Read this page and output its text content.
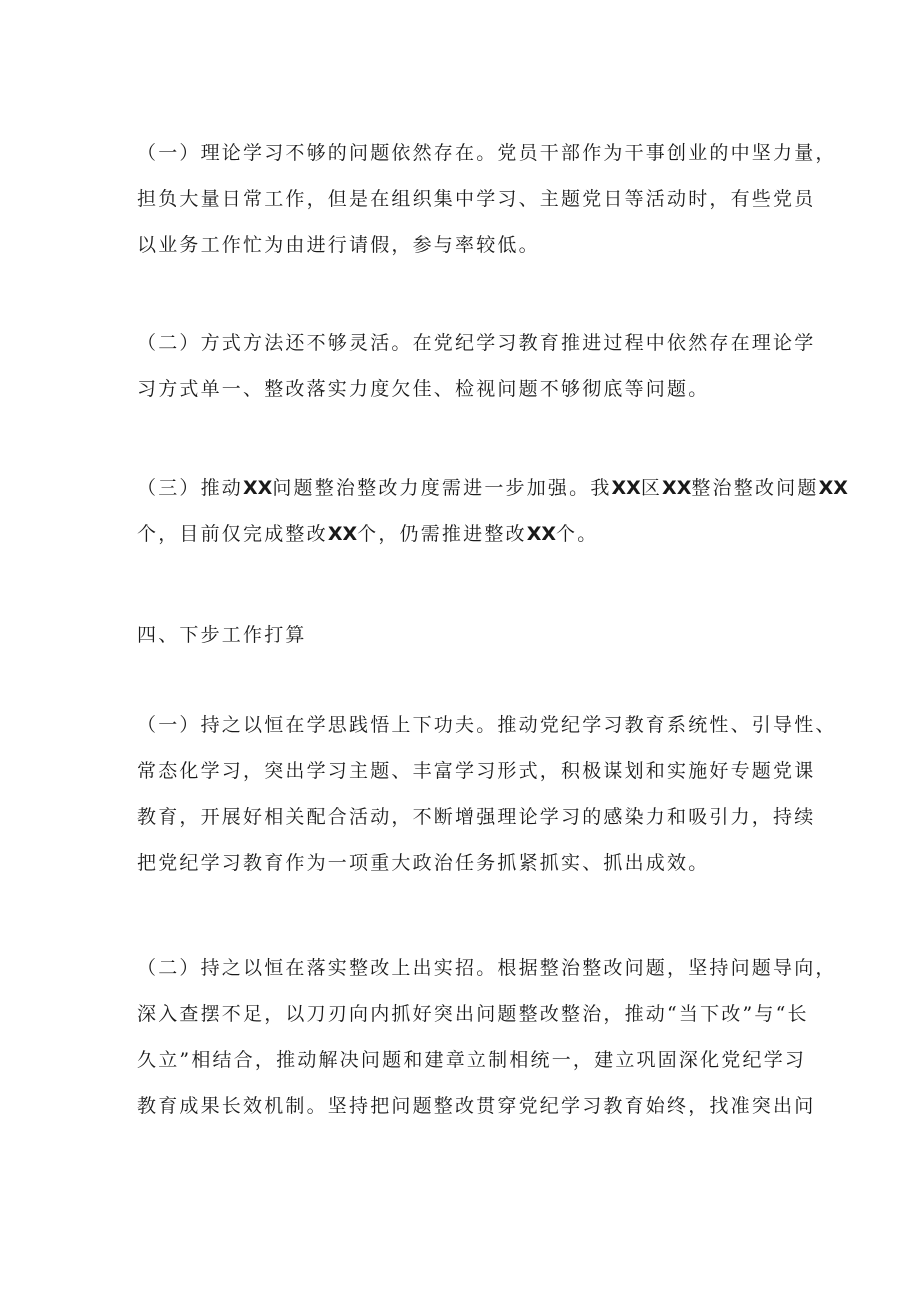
（一）理论学习不够的问题依然存在。党员干部作为干事创业的中坚力量，
担负大量日常工作，但是在组织集中学习、主题党日等活动时，有些党员
以业务工作忙为由进行请假，参与率较低。

（二）方式方法还不够灵活。在党纪学习教育推进过程中依然存在理论学
习方式单一、整改落实力度欠佳、检视问题不够彻底等问题。

（三）推动XX问题整治整改力度需进一步加强。我XX区XX整治整改问题XX
个，目前仅完成整改XX个，仍需推进整改XX个。

四、下步工作打算

（一）持之以恒在学思践悟上下功夫。推动党纪学习教育系统性、引导性、
常态化学习，突出学习主题、丰富学习形式，积极谋划和实施好专题党课
教育，开展好相关配合活动，不断增强理论学习的感染力和吸引力，持续
把党纪学习教育作为一项重大政治任务抓紧抓实、抓出成效。

（二）持之以恒在落实整改上出实招。根据整治整改问题，坚持问题导向，
深入查摆不足，以刀刃向内抓好突出问题整改整治，推动“当下改”与“长
久立”相结合，推动解决问题和建章立制相统一，建立巩固深化党纪学习
教育成果长效机制。坚持把问题整改贯穿党纪学习教育始终，找准突出问
